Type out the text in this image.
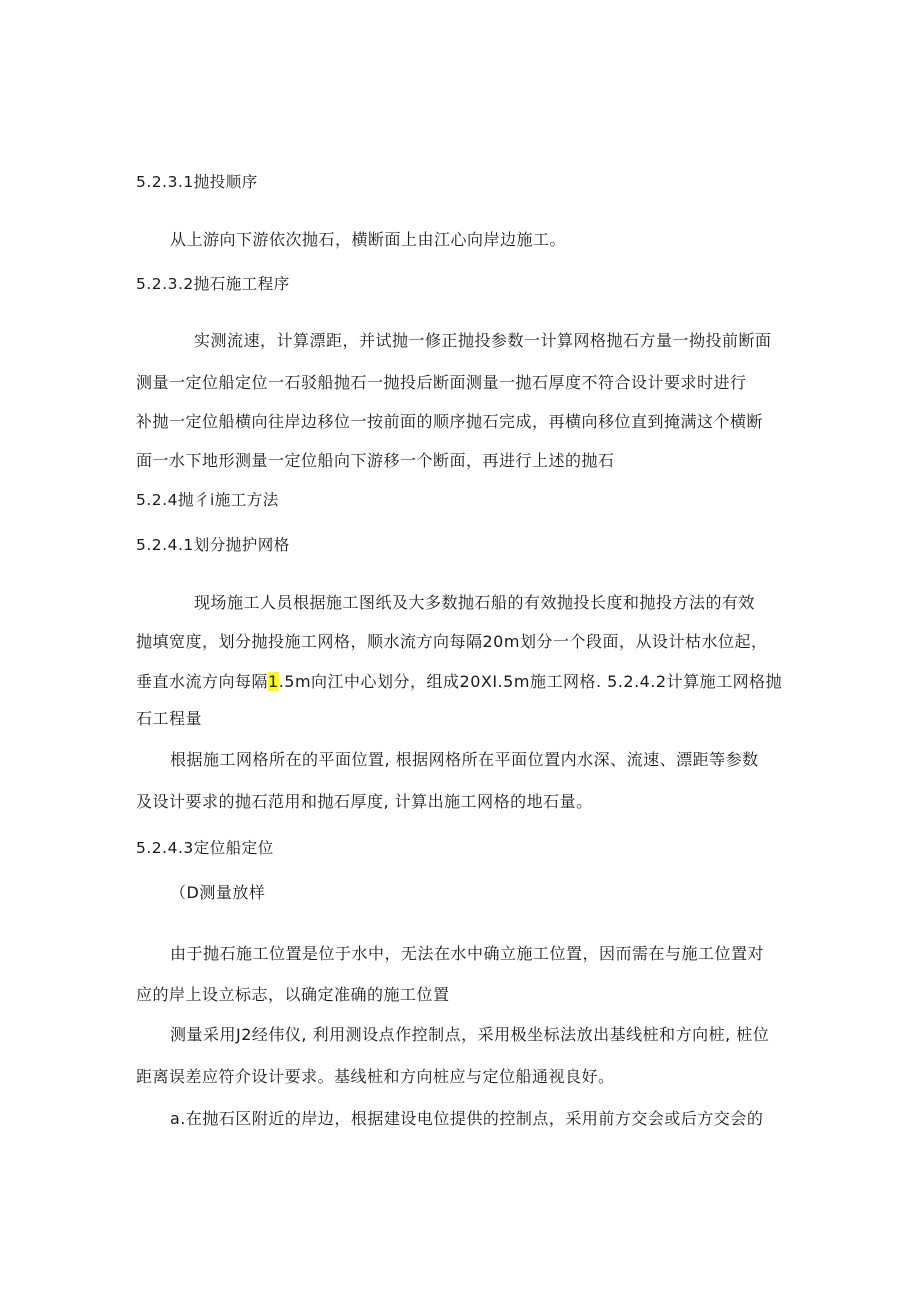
5.2.3.1抛投顺序
从上游向下游依次抛石，横断面上由江心向岸边施工。
5.2.3.2抛石施工程序
实测流速，计算漂距，并试抛一修正抛投参数一计算网格抛石方量一拗投前断面
测量一定位船定位一石驳船抛石一抛投后断面测量一抛石厚度不符合设计要求时进行
补抛一定位船横向往岸边移位一按前面的顺序抛石完成，再横向移位直到掩满这个横断
面一水下地形测量一定位船向下游移一个断面，再进行上述的抛石
5.2.4抛彳i施工方法
5.2.4.1划分抛护网格
现场施工人员根据施工图纸及大多数抛石船的有效抛投长度和抛投方法的有效
抛填宽度，划分抛投施工网格，顺水流方向每隔20m划分一个段面，从设计枯水位起，
垂直水流方向每隔1.5m向江中心划分，组成20XI.5m施工网格. 5.2.4.2计算施工网格抛
石工程量
根据施工网格所在的平面位置, 根据网格所在平面位置内水深、流速、漂距等参数
及设计要求的抛石范用和抛石厚度, 计算出施工网格的地石量。
5.2.4.3定位船定位
（D测量放样
由于抛石施工位置是位于水中，无法在水中确立施工位置，因而需在与施工位置对
应的岸上设立标志，以确定准确的施工位置
测量采用J2经伟仪, 利用测设点作控制点，采用极坐标法放出基线桩和方向桩, 桩位
距离误差应符介设计要求。基线桩和方向桩应与定位船通视良好。
a.在抛石区附近的岸边，根据建设电位提供的控制点，采用前方交会或后方交会的
